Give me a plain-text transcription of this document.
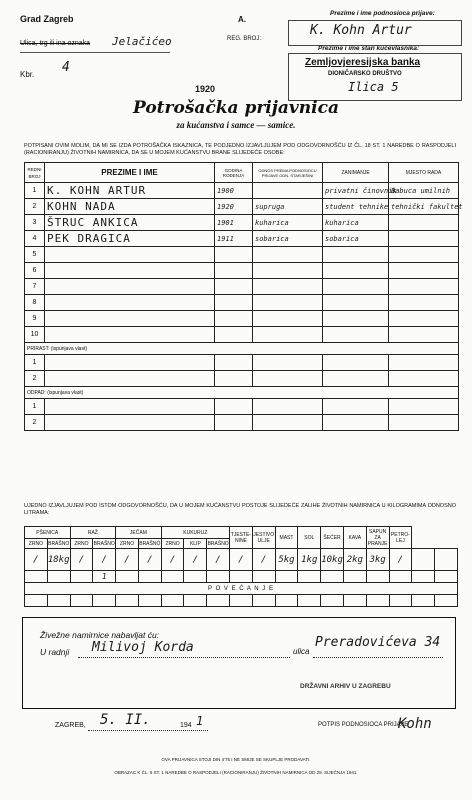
Grad Zagreb	A.
REG. BROJ:
Ulica, trg ili ina oznaka Jelačićeo
Kbr. 4
Prezime i ime podnosioca prijave:
K. Kohn Artur
Prezime i ime stan kućevlasnika:
Zemljovjeresijska banka
DIONIČARSKO DRUŠTVO
Ilica 5
1920
Potrošačka prijavnica
za kućanstva i samce — samice.
POTPISANI OVIM MOLIM, DA MI SE IZDA POTROŠAČKA ISKAZNICA, TE PODJEDNO IZJAVLJUJEM POD ODGOVORNOŠĆU IZ ČL. 18 ST. 1 NAREDBE O RASPODJELI (RACIONIRANJU) ŽIVOTNIH NAMIRNICA, DA SE U MOJEM KUĆANSTVU BRANE SLIJEDEĆE OSOBE:
REDNI BROJ	PREZIME I IME	GODINA ROĐENJA	ODNOS PREMA PODNOSIOCU PRIJAVE ODN. STARJEŠINI	ZANIMANJE	MJESTO RADA
1	K. KOHN ARTUR	1900		privatni činovnik	Babuca umilnih
2	KOHN NADA	1920	supruga	student tehnike	tehnički fakultet
3	ŠTRUC ANKICA	1901	kuharica	kuharica	
4	PEK DRAGICA	1911	sobarica	sobarica	
5					
6					
7					
8					
9					
10					
PRIRAST: (ispunjava vlast)					
1					
2					
ODPAD: (ispunjava vlast)					
1					
2					
UJEDNO IZJAVLJUJEM POD ISTOM ODGOVORNOŠĆU, DA U MOJEM KUĆANSTVU POSTOJE SLIJEDEĆE ZALIHE ŽIVOTNIH NAMIRNICA U KILOGRAMIMA ODNOSNO LITRAMA:
PŠENICA		RAŽ		JEČAM		KUKURUZ			TJESTE-NINE	JESTIVO ULJE	MAST	SOL	ŠEĆER	KAVA	SAPUN ZA PRANJE	PETRO-LEJ		
ZRNO	BRAŠNO	ZRNO	BRAŠNO	ZRNO	BRAŠNO	ZRNO	KLIP	BRAŠNO										
/	18kg	/	/	/	/	/	/	/	/	/	5kg	1kg	10kg	2kg	3kg	/		
			1															
P O V E Ć A N J E																		

Živežne namirnice nabavljat ću:
U radnji Milivoj Korda	ulica
Preradovićeva 34
DRŽAVNI ARHIV U ZAGREBU
ZAGREB, 5. II.	194 1	POTPIS PODNOSIOCA PRIJAVE
Kohn
OVA PRIJAVNICA STOJI DIN 4'75 I NE SMIJE SE SKUPLJE PRODAVATI.
OBRAZAC K ČL. 5 ST. 1 NAREDBE O RASPODJELI (RACIONIRANJU) ŽIVOTNIH NAMIRNICA OD 29. SIJEČNJA 1941.
